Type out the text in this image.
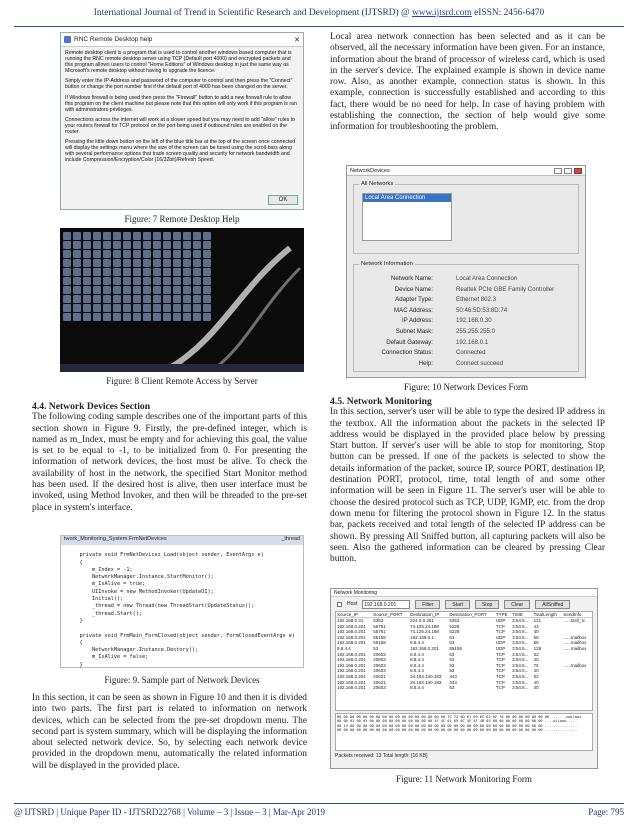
International Journal of Trend in Scientific Research and Development (IJTSRD) @ www.ijtsrd.com eISSN: 2456-6470
RNC Remote Desktop help	✕

Remote desktop client is a program that is used to control another windows based computer that is running the RNC remote desktop server using TCP (Default port 4000) and encrypted packets and this program allows users to control "Home Editions" of Windows desktop in just the same way as Microsoft's remote desktop without having to upgrade the licence.

Simply enter the IP-Address and password of the computer to control and then press the "Connect" button or change the port number first if the default port of 4000 has been changed on the server.

If Windows firewall is being used then press the "Firewall" button to add a new firewall rule to allow this program on the client machine but please note that this option will only work if this program is ran with administrators privileges.

Connections across the internet will work at a slower speed but you may need to add "allow" rules to your routers firewall for TCP protocol on the port being used if outbound rules are enabled on the router.

Pressing the little down button on the left of the blue title bar at the top of the screen once connected will display the settings menu where the size of the screen can be tuned using the scroll-bars along with several performance options that trade screen quality and security for network bandwidth and include Compression/Encryption/Color (16/32bit)/Refresh Speed.

OK
Figure: 7 Remote Desktop Help
Figure: 8 Client Remote Access by Server

4.4. Network Devices Section

The following coding sample describes one of the important parts of this section shown in Figure 9. Firstly, the pre-defined integer, which is named as m_Index, must be empty and for achieving this goal, the value is set to be equal to -1, to be initialized from 0. For presenting the information of network devices, the host must be alive. To check the availability of host in the network, the specified Start Monitor method has been used. If the desired host is alive, then user interface must be invoked, using Method Invoker, and then will be threaded to the pre-set place in system's interface.

twork_Monitoring_System.FrmNetDevices	_thread

private void FrmNetDevices_Load(object sender, EventArgs e)
{
m_Index = -1;
NetworkManager.Instance.StartMonitor();
m_IsAlive = true;
UIInvoke = new MethodInvoker(UpdateUI);
Initial();
_thread = new Thread(new ThreadStart(UpdateStatus));
_thread.Start();
}

private void FrmMain_FormClosed(object sender, FormClosedEventArgs e)
{
NetworkManager.Instance.Destory();
m_IsAlive = false;
}
Figure: 9. Sample part of Network Devices

In this section, it can be seen as shown in Figure 10 and then it is divided into two parts. The first part is related to information on network devices, which can be selected from the pre-set dropdown menu. The second part is system summary, which will be displaying the information about selected network device. So, by selecting each network device provided in the dropdown menu, automatically the related information will be displayed in the provided place.

Local area network connection has been selected and as it can be observed, all the necessary information have been given. For an instance, information about the brand of processor of wireless card, which is used in the server's device. The explained example is shown in device name row. Also, as another example, connection status is shown. In this example, connection is successfully established and according to this fact, there would be no need for help. In case of having problem with establishing the connection, the section of help would give some information for troubleshooting the problem.

NetworkDevices
All Networks
Local Area Connection
Network Information
Network Name:	Local Area Connection
Device Name:	Realtek PCIe GBE Family Controller
Adapter Type:	Ethernet 802.3
MAC Address:	50:46:5D:53:8D:74
IP Address:	192.168.0.30
Subnet Mask:	255.255.255.0
Default Gateway:	192.168.0.1
Connection Status:	Connected
Help:	Connect succeed
Figure: 10 Network Devices Form

4.5. Network Monitoring

In this section, server's user will be able to type the desired IP address in the textbox. All the information about the packets in the selected IP address would be displayed in the provided place below by pressing Start button. If server's user will be able to stop for monitoring, Stop button can be pressed. If one of the packets is selected to show the details information of the packet, source IP, source PORT, destination IP, destination PORT, protocol, time, total length of and some other information will be seen in Figure 11. The server's user will be able to choose the desired protocol such as TCP, UDP, IGMP, etc. from the drop down menu for filtering the protocol shown in Figure 12. In the status bar, packets received and total length of the selected IP address can be shown. By pressing All Sniffed button, all capturing packets will also be seen. Also the gathered information can be cleared by pressing Clear button.

Network Monitoring
Host	192.168.0.201	Filter	Start	Stop	Clear	AllSniffed
Source_IP	Source_PORT	Destination_IP	Destination_PORT	TYPE	TIME	TotalLength	SendInfo
192.168.0.31	5353	224.0.0.251	5353	UDP	3:54:6...	121	......tssh_tc
192.168.0.201	55751	74.125.24.188	5228	TCP	3:54:6...	41	
192.168.0.201	55751	74.125.24.188	5228	TCP	3:54:6...	40	
192.168.0.201	55158	192.168.0.1	53	UDP	3:54:6...	58	......mailbox
192.168.0.201	55158	8.8.4.4	53	UDP	3:54:6...	58	......mailbox
8.8.4.4	53	192.168.0.201	55158	UDP	3:54:6...	128	......mailbox
192.168.0.201	20603	8.8.4.4	53	TCP	3:54:6...	52	
192.168.0.201	20603	8.8.4.4	53	TCP	3:54:6...	40	
192.168.0.201	20603	8.8.4.4	53	TCP	3:54:6...	75	......mailbox
192.168.0.201	20603	8.8.4.4	53	TCP	3:54:6...	40	
192.168.0.201	20621	34.194.140.183	443	TCP	3:54:6...	52	
192.168.0.201	20621	34.194.140.183	443	TCP	3:54:6...	40	
192.168.0.201	20603	8.8.4.4	53	TCP	3:54:6...	40	
00 00 00 00 00 00 00 00 00 00 00 00 00 00 00 00 00 37 73 6D 61 69 6C 62 6F 78 00 00 00 00 00 00 00 .......mailbox
00 00 01 00 01 00 00 00 00 00 00 00 00 00 00 4F 4C 61 69 6C 4F 4F 4B 65 00 00 00 00 00 00 00 00 ....olLook....
00 13 00 00 00 00 00 00 00 00 00 00 00 00 00 00 00 00 00 00 00 00 00 00 00 00 00 00 00 00 00 00 ...............
00 00 00 00 00 00 00 00 00 00 00 00 00 00 00 00 00 00 00 00 00 00 00 00 00 00 00 00 00 00 00 00 ...............
Packets received: 13 Total length: [16 KB]
Figure: 11 Network Monitoring Form
@ IJTSRD | Unique Paper ID - IJTSRD22768 | Volume – 3 | Issue – 3 | Mar-Apr 2019	Page: 795
